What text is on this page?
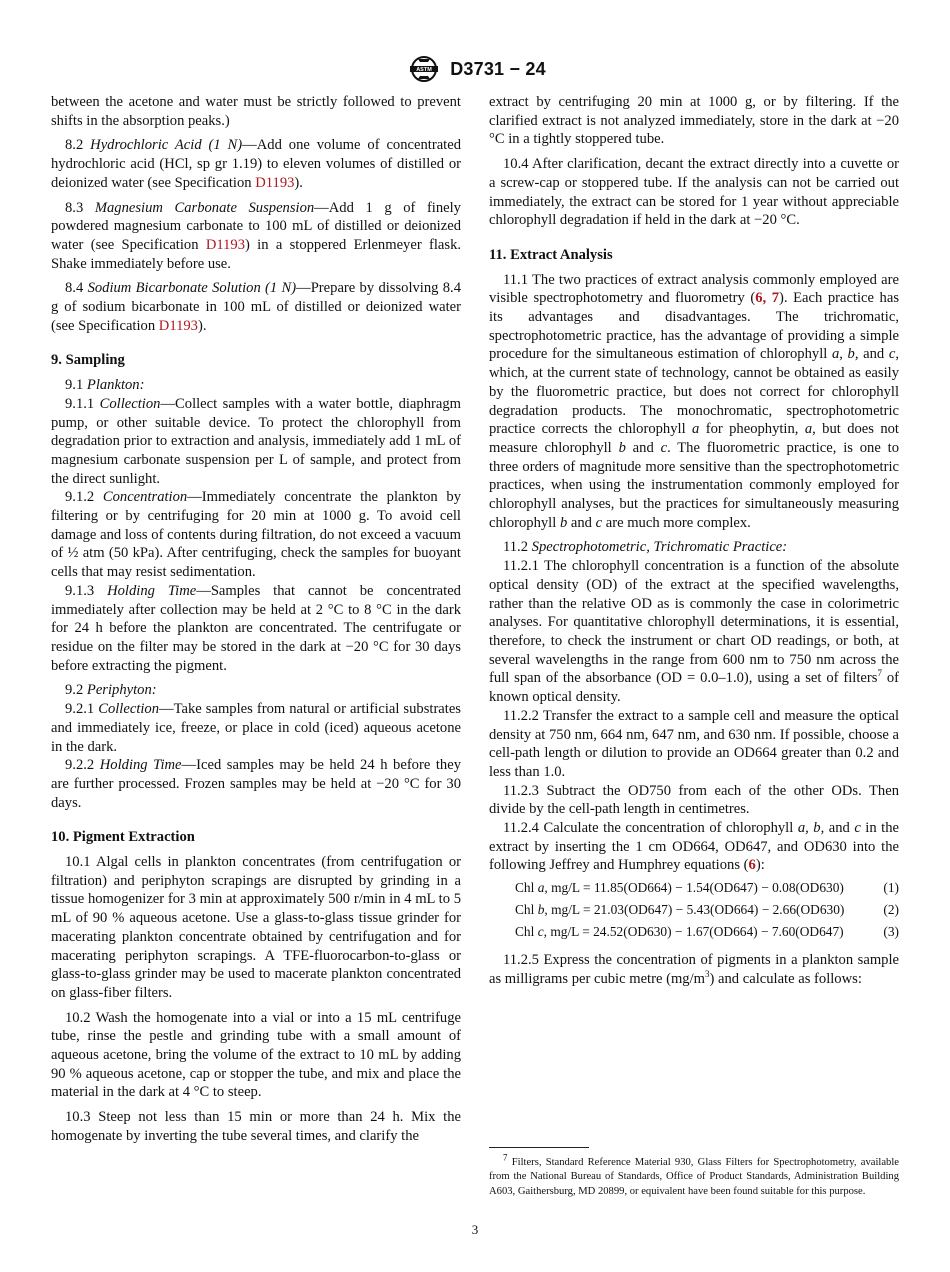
ASTM D3731 − 24

between the acetone and water must be strictly followed to prevent shifts in the absorption peaks.)

8.2 Hydrochloric Acid (1 N)—Add one volume of concentrated hydrochloric acid (HCl, sp gr 1.19) to eleven volumes of distilled or deionized water (see Specification D1193).

8.3 Magnesium Carbonate Suspension—Add 1 g of finely powdered magnesium carbonate to 100 mL of distilled or deionized water (see Specification D1193) in a stoppered Erlenmeyer flask. Shake immediately before use.

8.4 Sodium Bicarbonate Solution (1 N)—Prepare by dissolving 8.4 g of sodium bicarbonate in 100 mL of distilled or deionized water (see Specification D1193).

9. Sampling

9.1 Plankton:

9.1.1 Collection—Collect samples with a water bottle, diaphragm pump, or other suitable device. To protect the chlorophyll from degradation prior to extraction and analysis, immediately add 1 mL of magnesium carbonate suspension per L of sample, and protect from the direct sunlight.

9.1.2 Concentration—Immediately concentrate the plankton by filtering or by centrifuging for 20 min at 1000 g. To avoid cell damage and loss of contents during filtration, do not exceed a vacuum of ½ atm (50 kPa). After centrifuging, check the samples for buoyant cells that may resist sedimentation.

9.1.3 Holding Time—Samples that cannot be concentrated immediately after collection may be held at 2 °C to 8 °C in the dark for 24 h before the plankton are concentrated. The centrifugate or residue on the filter may be stored in the dark at −20 °C for 30 days before extracting the pigment.

9.2 Periphyton:

9.2.1 Collection—Take samples from natural or artificial substrates and immediately ice, freeze, or place in cold (iced) aqueous acetone in the dark.

9.2.2 Holding Time—Iced samples may be held 24 h before they are further processed. Frozen samples may be held at −20 °C for 30 days.

10. Pigment Extraction

10.1 Algal cells in plankton concentrates (from centrifugation or filtration) and periphyton scrapings are disrupted by grinding in a tissue homogenizer for 3 min at approximately 500 r/min in 4 mL to 5 mL of 90 % aqueous acetone. Use a glass-to-glass tissue grinder for macerating plankton concentrate obtained by centrifugation and for macerating periphyton scrapings. A TFE-fluorocarbon-to-glass or glass-to-glass grinder may be used to macerate plankton concentrated on glass-fiber filters.

10.2 Wash the homogenate into a vial or into a 15 mL centrifuge tube, rinse the pestle and grinding tube with a small amount of aqueous acetone, bring the volume of the extract to 10 mL by adding 90 % aqueous acetone, cap or stopper the tube, and mix and place the material in the dark at 4 °C to steep.

10.3 Steep not less than 15 min or more than 24 h. Mix the homogenate by inverting the tube several times, and clarify the

extract by centrifuging 20 min at 1000 g, or by filtering. If the clarified extract is not analyzed immediately, store in the dark at −20 °C in a tightly stoppered tube.

10.4 After clarification, decant the extract directly into a cuvette or a screw-cap or stoppered tube. If the analysis can not be carried out immediately, the extract can be stored for 1 year without appreciable chlorophyll degradation if held in the dark at −20 °C.

11. Extract Analysis

11.1 The two practices of extract analysis commonly employed are visible spectrophotometry and fluorometry (6, 7). Each practice has its advantages and disadvantages. The trichromatic, spectrophotometric practice, has the advantage of providing a simple procedure for the simultaneous estimation of chlorophyll a, b, and c, which, at the current state of technology, cannot be obtained as easily by the fluorometric practice, but does not correct for chlorophyll degradation products. The monochromatic, spectrophotometric practice corrects the chlorophyll a for pheophytin, a, but does not measure chlorophyll b and c. The fluorometric practice, is one to three orders of magnitude more sensitive than the spectrophotometric practices, when using the instrumentation commonly employed for chlorophyll analyses, but the practices for simultaneously measuring chlorophyll b and c are much more complex.

11.2 Spectrophotometric, Trichromatic Practice:

11.2.1 The chlorophyll concentration is a function of the absolute optical density (OD) of the extract at the specified wavelengths, rather than the relative OD as is commonly the case in colorimetric analyses. For quantitative chlorophyll determinations, it is essential, therefore, to check the instrument or chart OD readings, or both, at several wavelengths in the range from 600 nm to 750 nm across the full span of the absorbance (OD = 0.0–1.0), using a set of filters$^7$ of known optical density.

11.2.2 Transfer the extract to a sample cell and measure the optical density at 750 nm, 664 nm, 647 nm, and 630 nm. If possible, choose a cell-path length or dilution to provide an OD664 greater than 0.2 and less than 1.0.

11.2.3 Subtract the OD750 from each of the other ODs. Then divide by the cell-path length in centimetres.

11.2.4 Calculate the concentration of chlorophyll a, b, and c in the extract by inserting the 1 cm OD664, OD647, and OD630 into the following Jeffrey and Humphrey equations (6):

Chl a, mg/L = 11.85(OD664) − 1.54(OD647) − 0.08(OD630)	(1)
Chl b, mg/L = 21.03(OD647) − 5.43(OD664) − 2.66(OD630)	(2)
Chl c, mg/L = 24.52(OD630) − 1.67(OD664) − 7.60(OD647)	(3)

11.2.5 Express the concentration of pigments in a plankton sample as milligrams per cubic metre $(mg/m^3)$ and calculate as follows:

$^7$ Filters, Standard Reference Material 930, Glass Filters for Spectrophotometry, available from the National Bureau of Standards, Office of Product Standards, Administration Building A603, Gaithersburg, MD 20899, or equivalent have been found suitable for this purpose.

3
